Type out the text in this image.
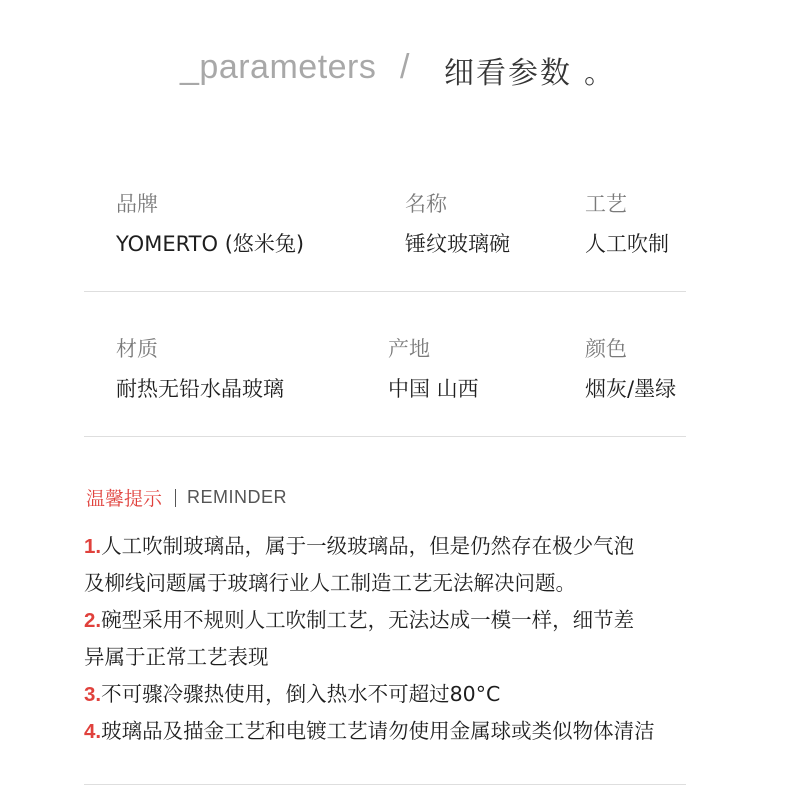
_parameters / 细看参数 。
品牌
YOMERTO (悠米兔)
名称
锤纹玻璃碗
工艺
人工吹制
材质
耐热无铅水晶玻璃
产地
中国 山西
颜色
烟灰/墨绿
温馨提示 REMINDER
1.人工吹制玻璃品，属于一级玻璃品，但是仍然存在极少气泡
及柳线问题属于玻璃行业人工制造工艺无法解决问题。
2.碗型采用不规则人工吹制工艺，无法达成一模一样，细节差
异属于正常工艺表现
3.不可骤冷骤热使用，倒入热水不可超过80°C
4.玻璃品及描金工艺和电镀工艺请勿使用金属球或类似物体清洁
